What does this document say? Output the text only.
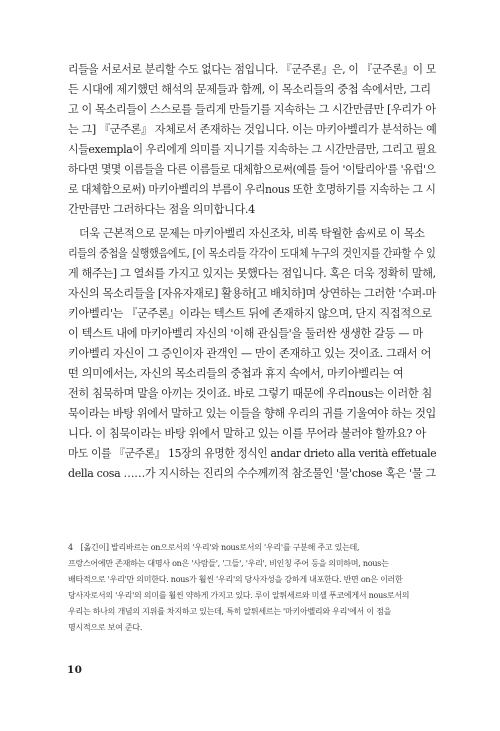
리들을 서로서로 분리할 수도 없다는 점입니다. 『군주론』은, 이 『군주론』이 모
든 시대에 제기했던 해석의 문제들과 함께, 이 목소리들의 중첩 속에서만, 그리
고 이 목소리들이 스스로를 들리게 만들기를 지속하는 그 시간만큼만 [우리가 아
는 그] 『군주론』 자체로서 존재하는 것입니다. 이는 마키아벨리가 분석하는 예
시들exempla이 우리에게 의미를 지니기를 지속하는 그 시간만큼만, 그리고 필요
하다면 몇몇 이름들을 다른 이름들로 대체함으로써(예를 들어 '이탈리아'를 '유럽'으
로 대체함으로써) 마키아벨리의 부름이 우리nous 또한 호명하기를 지속하는 그 시
간만큼만 그러하다는 점을 의미합니다.4
　더욱 근본적으로 문제는 마키아벨리 자신조차, 비록 탁월한 솜씨로 이 목소
리들의 중첩을 실행했음에도, [이 목소리들 각각이 도대체 누구의 것인지를 간파할 수 있
게 해주는] 그 열쇠를 가지고 있지는 못했다는 점입니다. 혹은 더욱 정확히 말해,
자신의 목소리들을 [자유자재로] 활용하[고 배치하]며 상연하는 그러한 '수퍼-마
키아벨리'는 『군주론』이라는 텍스트 뒤에 존재하지 않으며, 단지 직접적으로
이 텍스트 내에 마키아벨리 자신의 '이해 관심들'을 둘러싼 생생한 갈등 — 마
키아벨리 자신이 그 증인이자 관객인 — 만이 존재하고 있는 것이죠. 그래서 어
떤 의미에서는, 자신의 목소리들의 중첩과 휴지 속에서, 마키아벨리는 여
전히 침묵하며 말을 아끼는 것이죠. 바로 그렇기 때문에 우리nous는 이러한 침
묵이라는 바탕 위에서 말하고 있는 이들을 향해 우리의 귀를 기울여야 하는 것입
니다. 이 침묵이라는 바탕 위에서 말하고 있는 이를 무어라 불러야 할까요? 아
마도 이를 『군주론』 15장의 유명한 정식인 andar drieto alla verità effetuale
della cosa ……가 지시하는 진리의 수수께끼적 참조물인 '물'chose 혹은 '물 그
4　[옮긴이] 발리바르는 on으로서의 '우리'와 nous로서의 '우리'를 구분해 주고 있는데,
프랑스어에만 존재하는 대명사 on은 '사람들', '그들', '우리', 비인칭 주어 등을 의미하며, nous는
배타적으로 '우리'만 의미한다. nous가 훨씬 '우리'의 당사자성을 강하게 내포한다. 반면 on은 이러한
당사자로서의 '우리'의 의미를 훨씬 약하게 가지고 있다. 루이 알튀세르와 미셸 푸코에게서 nous로서의
우리는 하나의 개념의 지위를 차지하고 있는데, 특히 알튀세르는 '마키아벨리와 우리'에서 이 점을
명시적으로 보여 준다.
10
